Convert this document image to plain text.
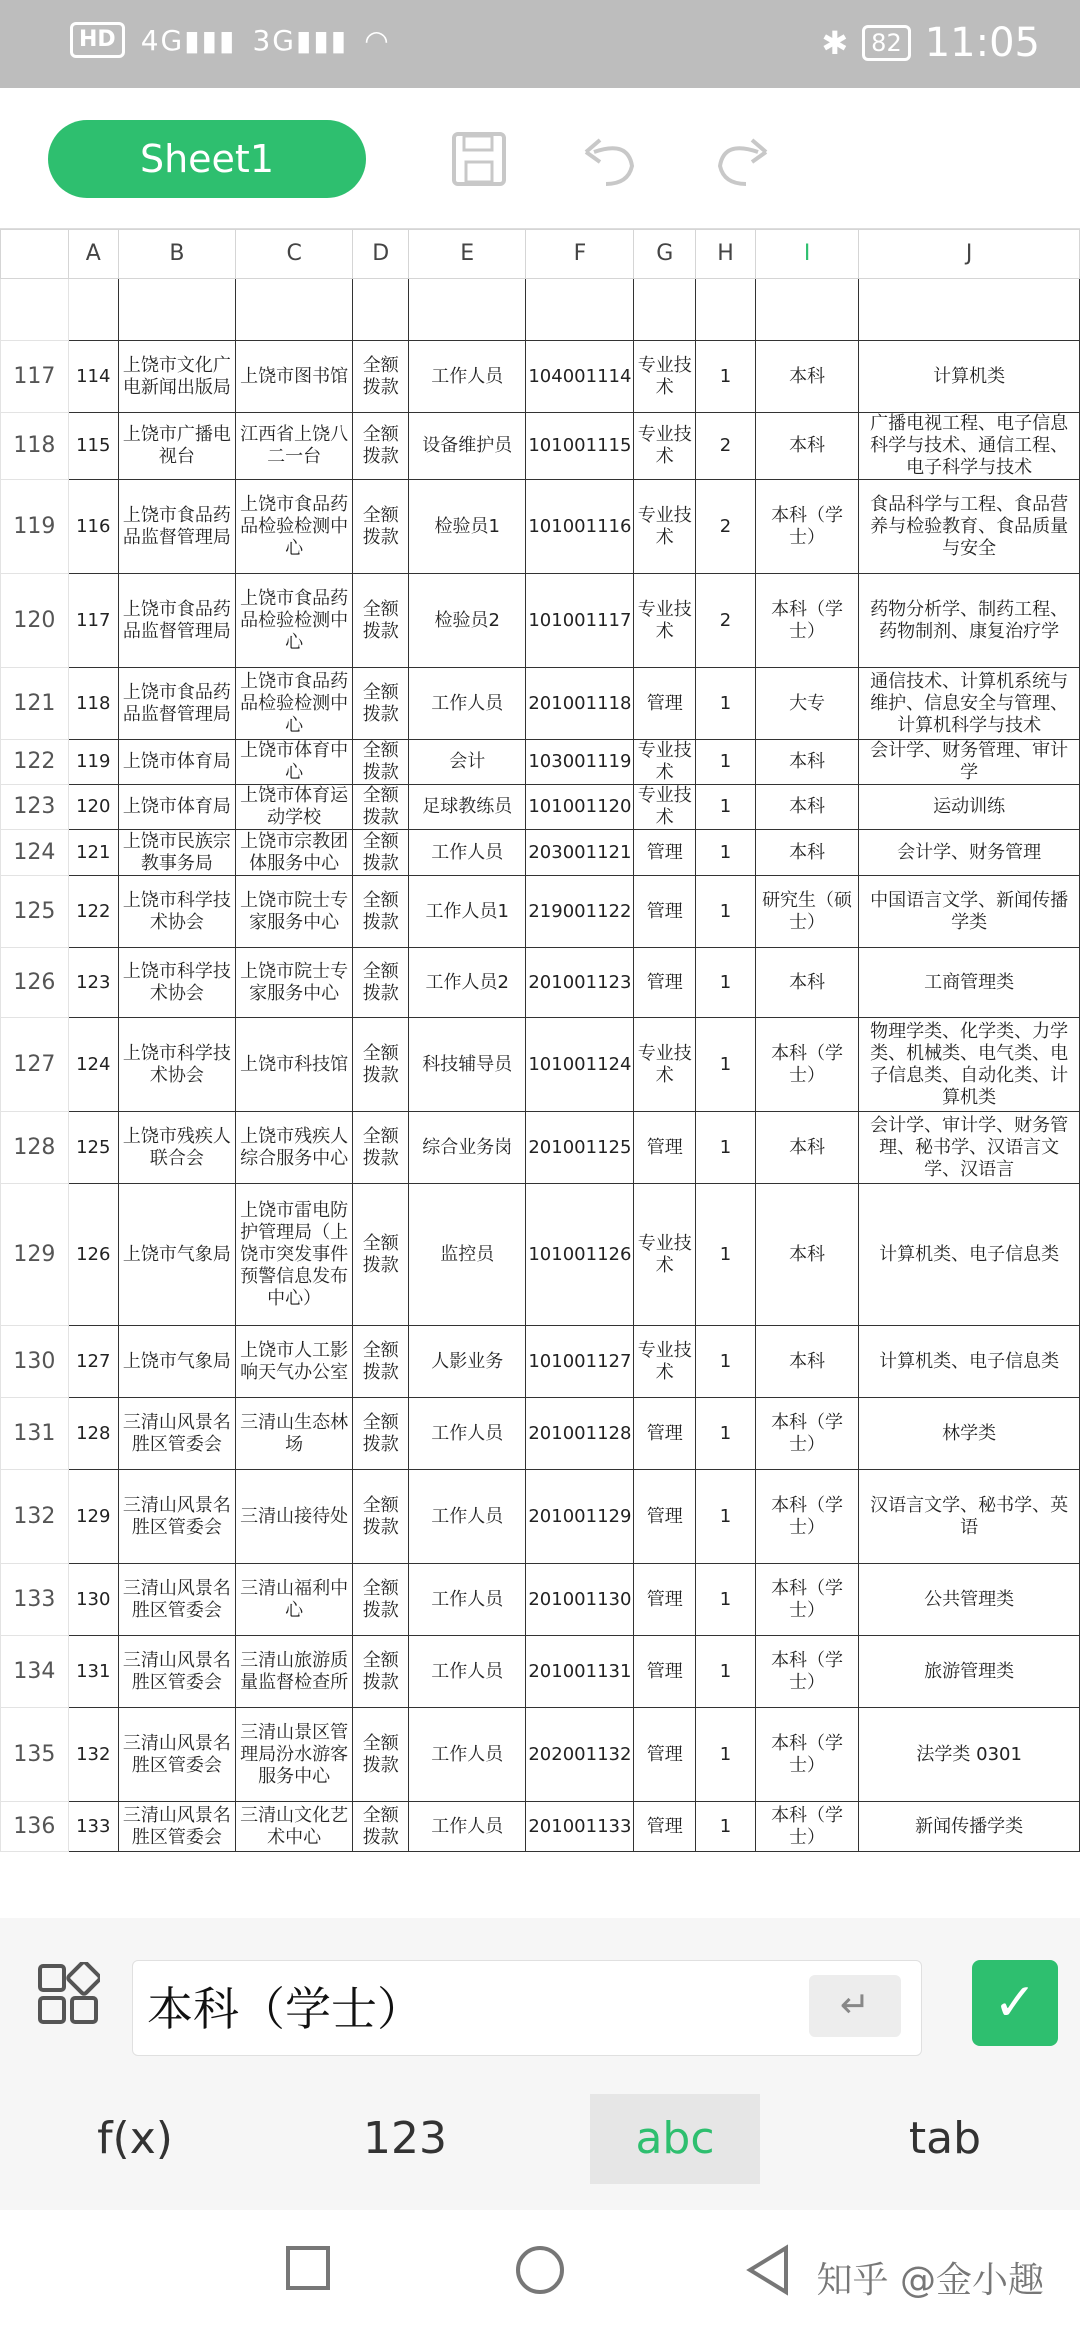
HD 4G▮▮▮ 3G▮▮▮ ◠	✱ 82 11:05
Sheet1
	A	B	C	D	E	F	G	H	I	J

117	114	上饶市文化广电新闻出版局	上饶市图书馆	全额拨款	工作人员	104001114	专业技术	1	本科	计算机类
118	115	上饶市广播电视台	江西省上饶八二一台	全额拨款	设备维护员	101001115	专业技术	2	本科	广播电视工程、电子信息科学与技术、通信工程、电子科学与技术
119	116	上饶市食品药品监督管理局	上饶市食品药品检验检测中心	全额拨款	检验员1	101001116	专业技术	2	本科（学士）	食品科学与工程、食品营养与检验教育、食品质量与安全
120	117	上饶市食品药品监督管理局	上饶市食品药品检验检测中心	全额拨款	检验员2	101001117	专业技术	2	本科（学士）	药物分析学、制药工程、药物制剂、康复治疗学
121	118	上饶市食品药品监督管理局	上饶市食品药品检验检测中心	全额拨款	工作人员	201001118	管理	1	大专	通信技术、计算机系统与维护、信息安全与管理、计算机科学与技术
122	119	上饶市体育局	上饶市体育中心	全额拨款	会计	103001119	专业技术	1	本科	会计学、财务管理、审计学
123	120	上饶市体育局	上饶市体育运动学校	全额拨款	足球教练员	101001120	专业技术	1	本科	运动训练
124	121	上饶市民族宗教事务局	上饶市宗教团体服务中心	全额拨款	工作人员	203001121	管理	1	本科	会计学、财务管理
125	122	上饶市科学技术协会	上饶市院士专家服务中心	全额拨款	工作人员1	219001122	管理	1	研究生（硕士）	中国语言文学、新闻传播学类
126	123	上饶市科学技术协会	上饶市院士专家服务中心	全额拨款	工作人员2	201001123	管理	1	本科	工商管理类
127	124	上饶市科学技术协会	上饶市科技馆	全额拨款	科技辅导员	101001124	专业技术	1	本科（学士）	物理学类、化学类、力学类、机械类、电气类、电子信息类、自动化类、计算机类
128	125	上饶市残疾人联合会	上饶市残疾人综合服务中心	全额拨款	综合业务岗	201001125	管理	1	本科	会计学、审计学、财务管理、秘书学、汉语言文学、汉语言
129	126	上饶市气象局	上饶市雷电防护管理局（上饶市突发事件预警信息发布中心）	全额拨款	监控员	101001126	专业技术	1	本科	计算机类、电子信息类
130	127	上饶市气象局	上饶市人工影响天气办公室	全额拨款	人影业务	101001127	专业技术	1	本科	计算机类、电子信息类
131	128	三清山风景名胜区管委会	三清山生态林场	全额拨款	工作人员	201001128	管理	1	本科（学士）	林学类
132	129	三清山风景名胜区管委会	三清山接待处	全额拨款	工作人员	201001129	管理	1	本科（学士）	汉语言文学、秘书学、英语
133	130	三清山风景名胜区管委会	三清山福利中心	全额拨款	工作人员	201001130	管理	1	本科（学士）	公共管理类
134	131	三清山风景名胜区管委会	三清山旅游质量监督检查所	全额拨款	工作人员	201001131	管理	1	本科（学士）	旅游管理类
135	132	三清山风景名胜区管委会	三清山景区管理局汾水游客服务中心	全额拨款	工作人员	202001132	管理	1	本科（学士）	法学类 0301
136	133	三清山风景名胜区管委会	三清山文化艺术中心	全额拨款	工作人员	201001133	管理	1	本科（学士）	新闻传播学类
本科（学士）	↵	✓
f(x)	123	abc	tab
知乎 @金小趣
